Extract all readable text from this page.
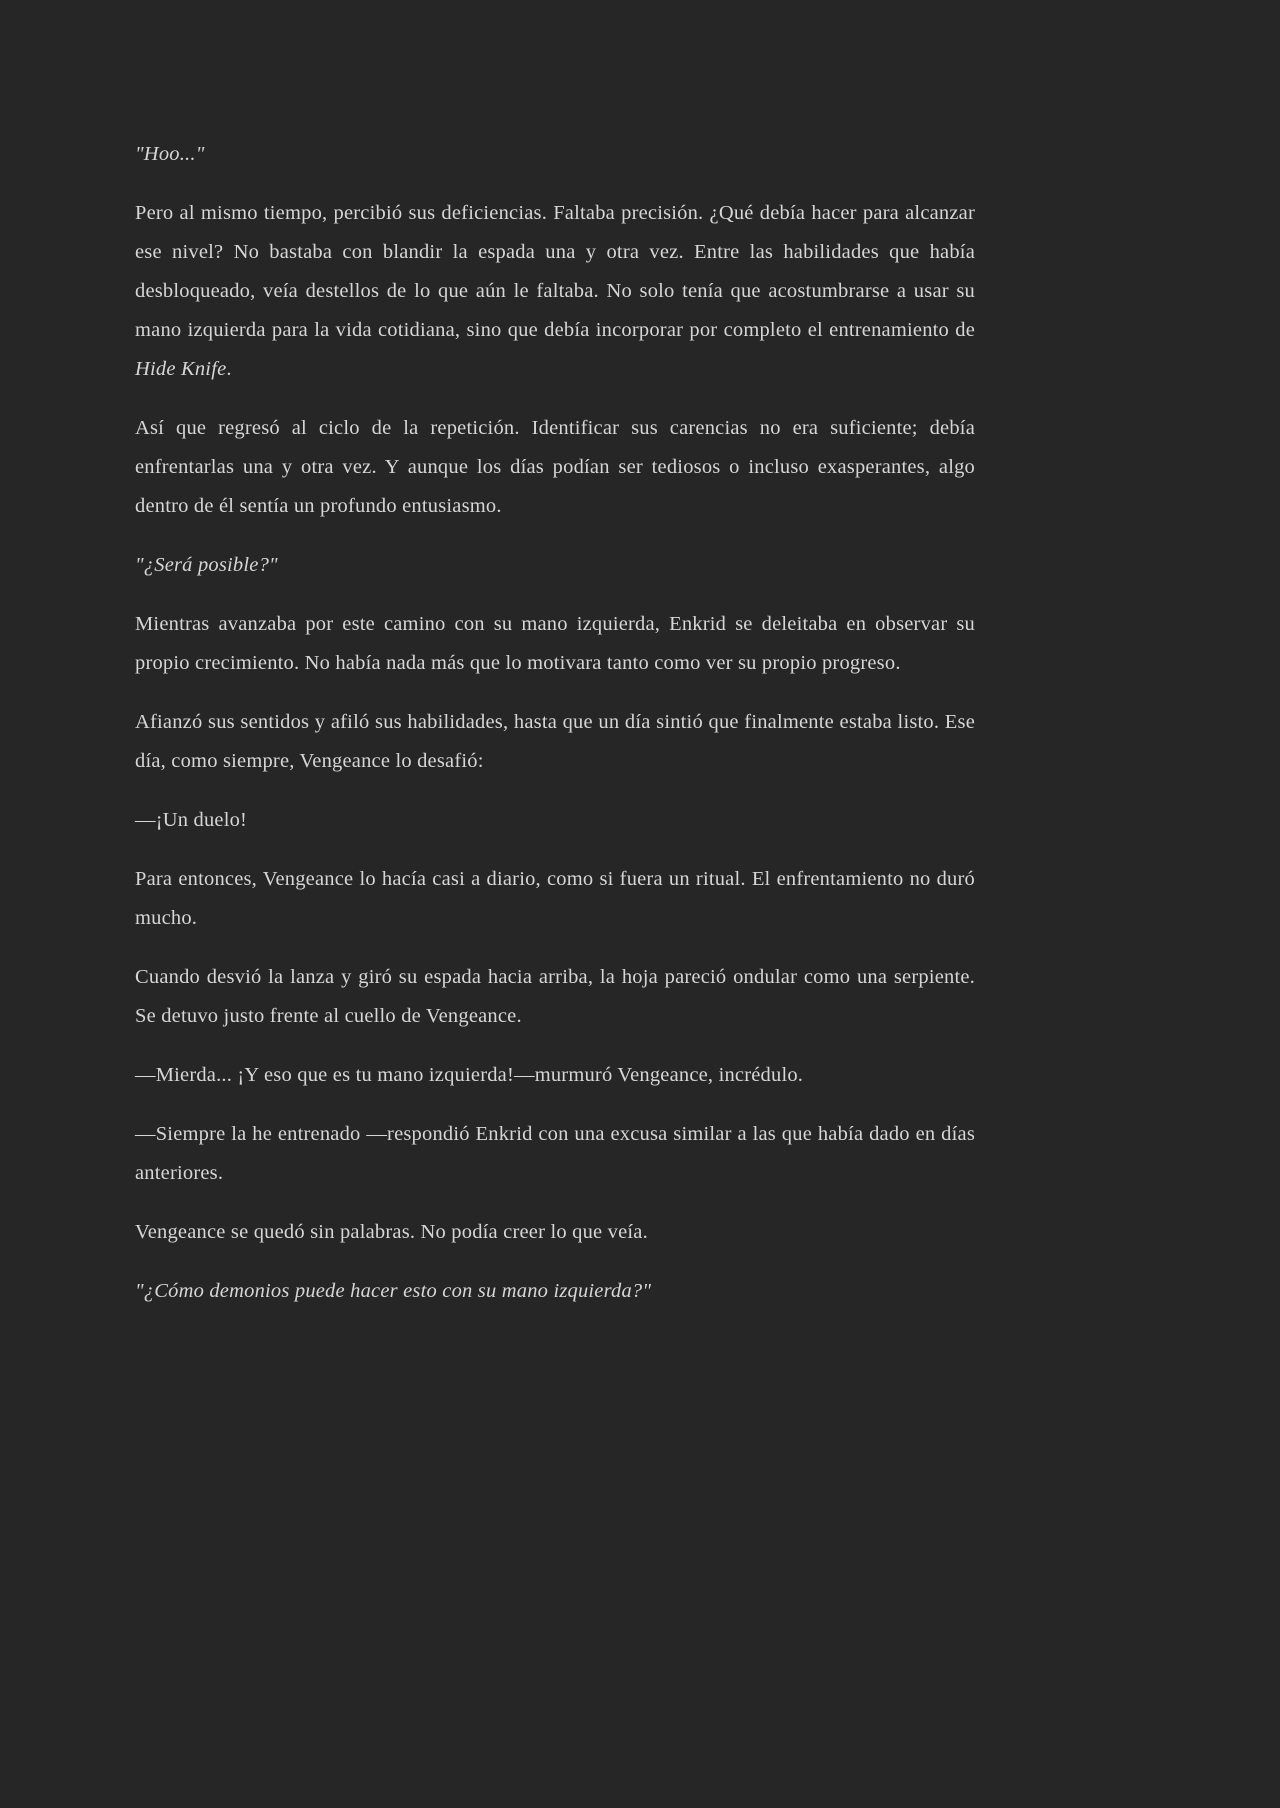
"Hoo..."

Pero al mismo tiempo, percibió sus deficiencias. Faltaba precisión. ¿Qué debía hacer para alcanzar ese nivel? No bastaba con blandir la espada una y otra vez. Entre las habilidades que había desbloqueado, veía destellos de lo que aún le faltaba. No solo tenía que acostumbrarse a usar su mano izquierda para la vida cotidiana, sino que debía incorporar por completo el entrenamiento de Hide Knife.

Así que regresó al ciclo de la repetición. Identificar sus carencias no era suficiente; debía enfrentarlas una y otra vez. Y aunque los días podían ser tediosos o incluso exasperantes, algo dentro de él sentía un profundo entusiasmo.

"¿Será posible?"

Mientras avanzaba por este camino con su mano izquierda, Enkrid se deleitaba en observar su propio crecimiento. No había nada más que lo motivara tanto como ver su propio progreso.

Afianzó sus sentidos y afiló sus habilidades, hasta que un día sintió que finalmente estaba listo. Ese día, como siempre, Vengeance lo desafió:

—¡Un duelo!

Para entonces, Vengeance lo hacía casi a diario, como si fuera un ritual. El enfrentamiento no duró mucho.

Cuando desvió la lanza y giró su espada hacia arriba, la hoja pareció ondular como una serpiente. Se detuvo justo frente al cuello de Vengeance.

—Mierda... ¡Y eso que es tu mano izquierda!—murmuró Vengeance, incrédulo.

—Siempre la he entrenado —respondió Enkrid con una excusa similar a las que había dado en días anteriores.

Vengeance se quedó sin palabras. No podía creer lo que veía.

"¿Cómo demonios puede hacer esto con su mano izquierda?"
